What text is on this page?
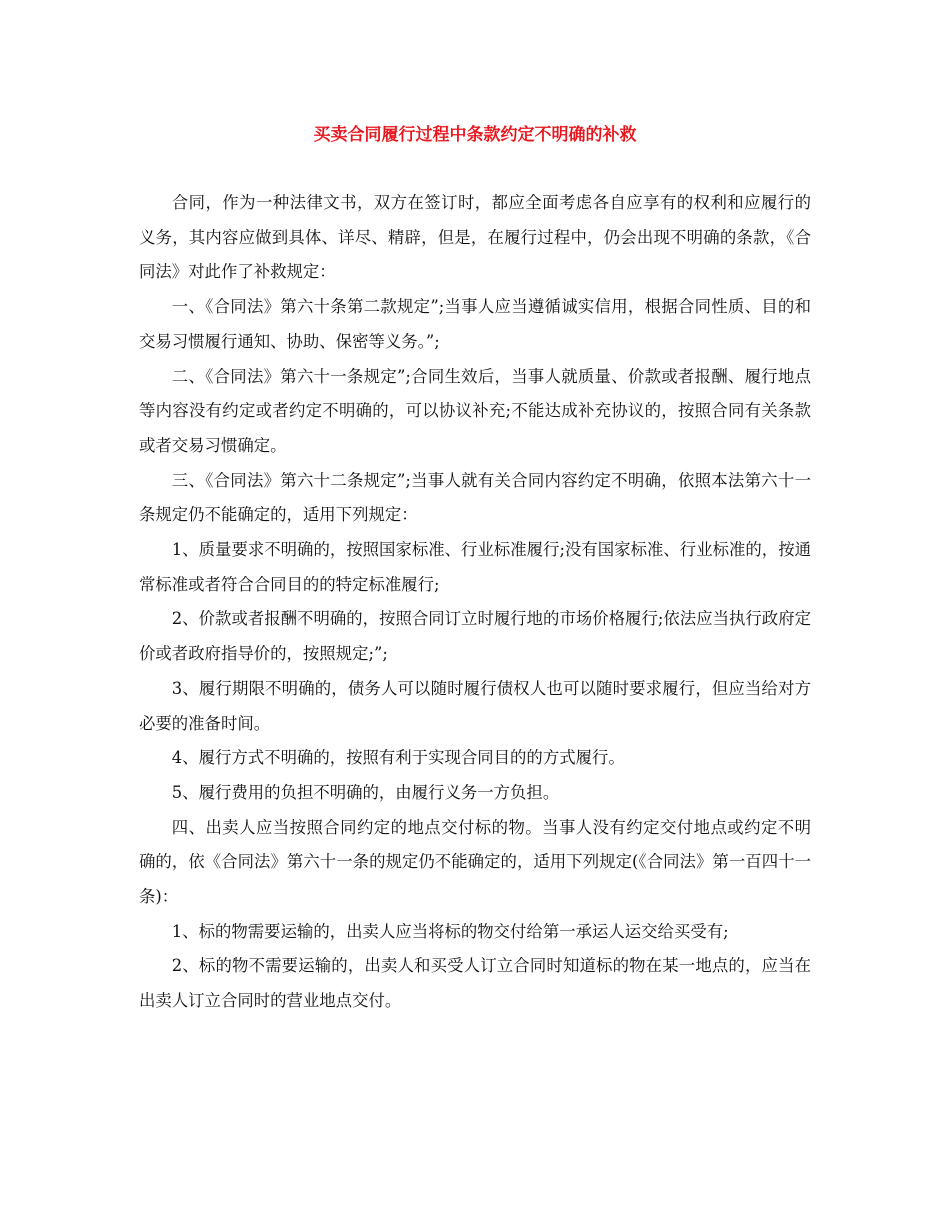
买卖合同履行过程中条款约定不明确的补救

合同，作为一种法律文书，双方在签订时，都应全面考虑各自应享有的权利和应履行的义务，其内容应做到具体、详尽、精辟，但是，在履行过程中，仍会出现不明确的条款，《合同法》对此作了补救规定：

一、《合同法》第六十条第二款规定”;当事人应当遵循诚实信用，根据合同性质、目的和交易习惯履行通知、协助、保密等义务。”;

二、《合同法》第六十一条规定”;合同生效后，当事人就质量、价款或者报酬、履行地点等内容没有约定或者约定不明确的，可以协议补充;不能达成补充协议的，按照合同有关条款或者交易习惯确定。

三、《合同法》第六十二条规定”;当事人就有关合同内容约定不明确，依照本法第六十一条规定仍不能确定的，适用下列规定：

1、质量要求不明确的，按照国家标准、行业标准履行;没有国家标准、行业标准的，按通常标准或者符合合同目的的特定标准履行;

2、价款或者报酬不明确的，按照合同订立时履行地的市场价格履行;依法应当执行政府定价或者政府指导价的，按照规定;”;

3、履行期限不明确的，债务人可以随时履行债权人也可以随时要求履行，但应当给对方必要的准备时间。

4、履行方式不明确的，按照有利于实现合同目的的方式履行。

5、履行费用的负担不明确的，由履行义务一方负担。

四、出卖人应当按照合同约定的地点交付标的物。当事人没有约定交付地点或约定不明确的，依《合同法》第六十一条的规定仍不能确定的，适用下列规定(《合同法》第一百四十一条)：

1、标的物需要运输的，出卖人应当将标的物交付给第一承运人运交给买受有;

2、标的物不需要运输的，出卖人和买受人订立合同时知道标的物在某一地点的，应当在出卖人订立合同时的营业地点交付。
